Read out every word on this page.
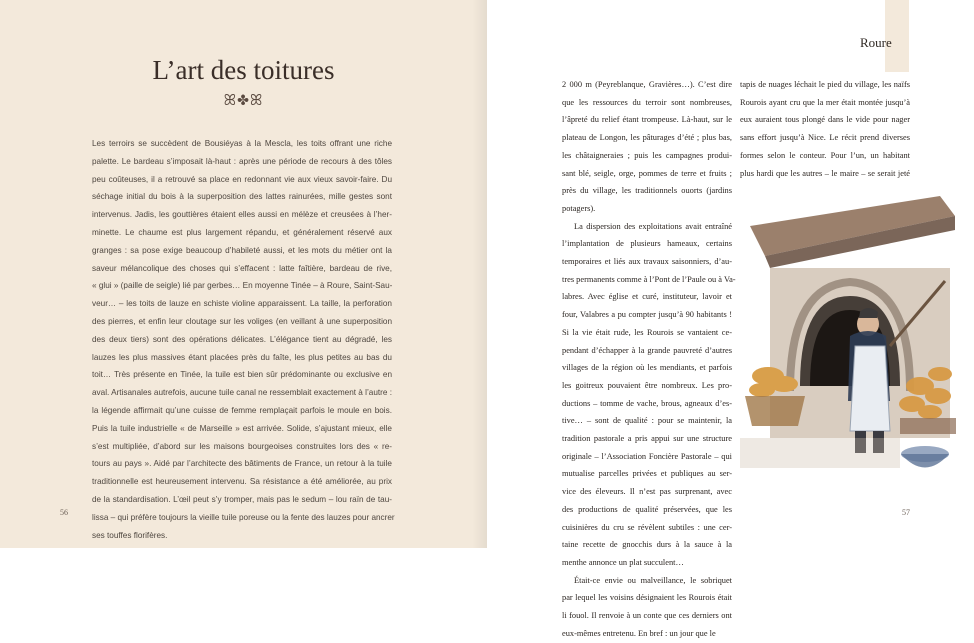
L’art des toitures
ꕤ✤ꕤ
Les terroirs se succèdent de Bousiéyas à la Mescla, les toits offrant une riche
palette. Le bardeau s’imposait là-haut : après une période de recours à des tôles
peu coûteuses, il a retrouvé sa place en redonnant vie aux vieux savoir-faire. Du
séchage initial du bois à la superposition des lattes rainurées, mille gestes sont
intervenus. Jadis, les gouttières étaient elles aussi en mélèze et creusées à l’her-
minette. Le chaume est plus largement répandu, et généralement réservé aux
granges : sa pose exige beaucoup d’habileté aussi, et les mots du métier ont la
saveur mélancolique des choses qui s’effacent : latte faîtière, bardeau de rive,
« glui » (paille de seigle) lié par gerbes… En moyenne Tinée – à Roure, Saint-Sau-
veur… – les toits de lauze en schiste violine apparaissent. La taille, la perforation
des pierres, et enfin leur cloutage sur les voliges (en veillant à une superposition
des deux tiers) sont des opérations délicates. L’élégance tient au dégradé, les
lauzes les plus massives étant placées près du faîte, les plus petites au bas du
toit… Très présente en Tinée, la tuile est bien sûr prédominante ou exclusive en
aval. Artisanales autrefois, aucune tuile canal ne ressemblait exactement à l’autre :
la légende affirmait qu’une cuisse de femme remplaçait parfois le moule en bois.
Puis la tuile industrielle « de Marseille » est arrivée. Solide, s’ajustant mieux, elle
s’est multipliée, d’abord sur les maisons bourgeoises construites lors des « re-
tours au pays ». Aidé par l’architecte des bâtiments de France, un retour à la tuile
traditionnelle est heureusement intervenu. Sa résistance a été améliorée, au prix
de la standardisation. L’œil peut s’y tromper, mais pas le sedum – lou raïn de tau-
lissa – qui préfère toujours la vieille tuile poreuse ou la fente des lauzes pour ancrer
ses touffes florifères.
56
Roure
2 000 m (Peyreblanque, Gravières…). C’est dire
que les ressources du terroir sont nombreuses,
l’âpreté du relief étant trompeuse. Là-haut, sur le
plateau de Longon, les pâturages d’été ; plus bas,
les châtaigneraies ; puis les campagnes produi-
sant blé, seigle, orge, pommes de terre et fruits ;
près du village, les traditionnels ouorts (jardins
potagers).
La dispersion des exploitations avait entraîné
l’implantation de plusieurs hameaux, certains
temporaires et liés aux travaux saisonniers, d’au-
tres permanents comme à l’Pont de l’Paule ou à Va-
labres. Avec église et curé, instituteur, lavoir et
four, Valabres a pu compter jusqu’à 90 habitants !
Si la vie était rude, les Rourois se vantaient ce-
pendant d’échapper à la grande pauvreté d’autres
villages de la région où les mendiants, et parfois
les goitreux pouvaient être nombreux. Les pro-
ductions – tomme de vache, brous, agneaux d’es-
tive… – sont de qualité : pour se maintenir, la
tradition pastorale a pris appui sur une structure
originale – l’Association Foncière Pastorale – qui
mutualise parcelles privées et publiques au ser-
vice des éleveurs. Il n’est pas surprenant, avec
des productions de qualité préservées, que les
cuisinières du cru se révèlent subtiles : une cer-
taine recette de gnocchis durs à la sauce à la
menthe annonce un plat succulent…
Était-ce envie ou malveillance, le sobriquet
par lequel les voisins désignaient les Rourois était
li fouol. Il renvoie à un conte que ces derniers ont
eux-mêmes entretenu. En bref : un jour que le
tapis de nuages léchait le pied du village, les naïfs
Rourois ayant cru que la mer était montée jusqu’à
eux auraient tous plongé dans le vide pour nager
sans effort jusqu’à Nice. Le récit prend diverses
formes selon le conteur. Pour l’un, un habitant
plus hardi que les autres – le maire – se serait jeté
57
